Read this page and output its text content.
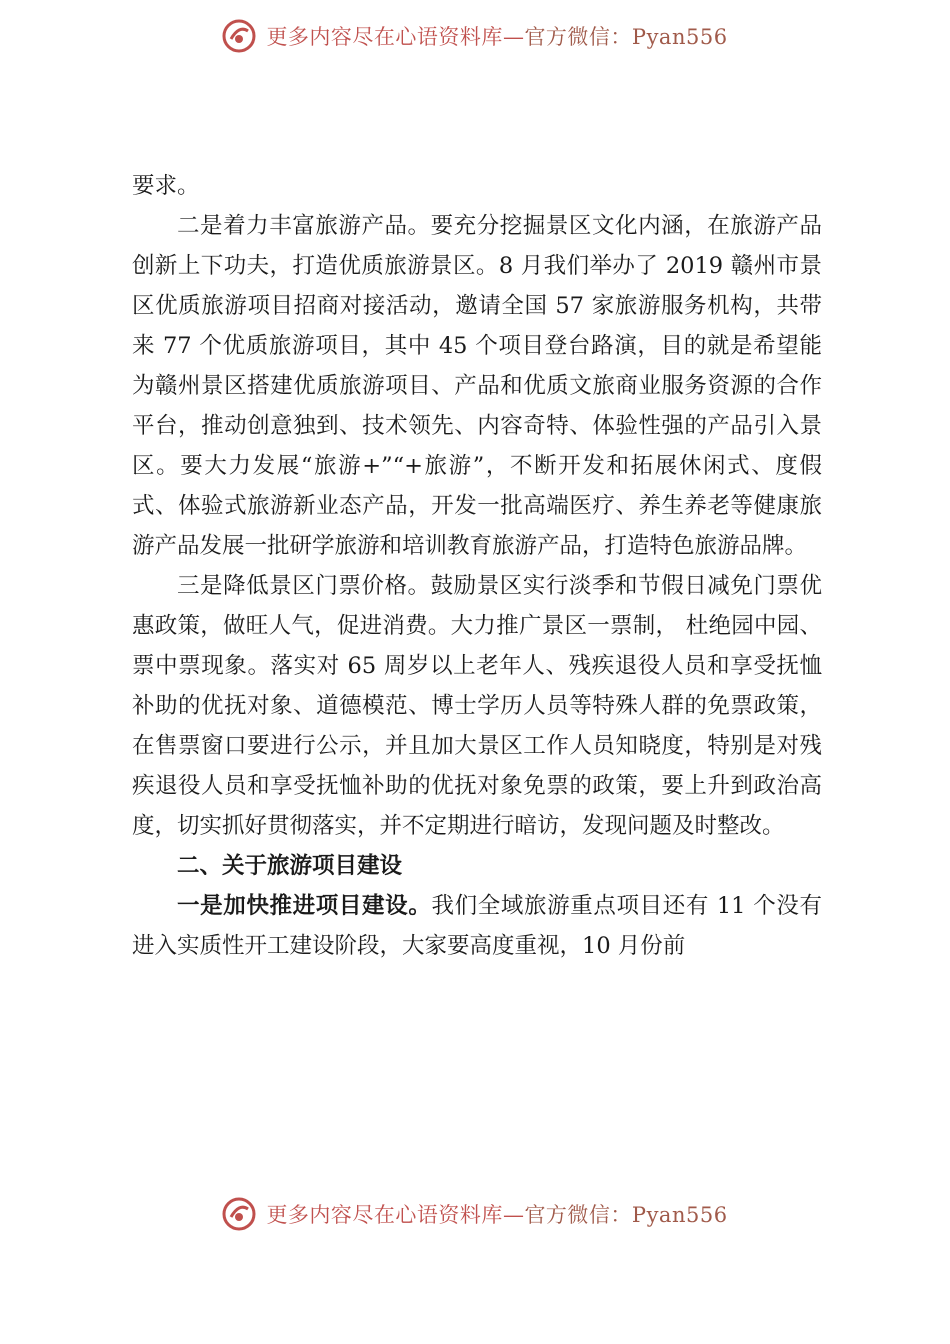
更多内容尽在心语资料库—官方微信：Pyan556

要求。

二是着力丰富旅游产品。要充分挖掘景区文化内涵，在旅游产品创新上下功夫，打造优质旅游景区。8 月我们举办了 2019 赣州市景区优质旅游项目招商对接活动，邀请全国 57 家旅游服务机构，共带来 77 个优质旅游项目，其中 45 个项目登台路演，目的就是希望能为赣州景区搭建优质旅游项目、产品和优质文旅商业服务资源的合作平台，推动创意独到、技术领先、内容奇特、体验性强的产品引入景区。要大力发展“旅游+”“+旅游”，不断开发和拓展休闲式、度假式、体验式旅游新业态产品，开发一批高端医疗、养生养老等健康旅游产品发展一批研学旅游和培训教育旅游产品，打造特色旅游品牌。

三是降低景区门票价格。鼓励景区实行淡季和节假日减免门票优惠政策，做旺人气，促进消费。大力推广景区一票制， 杜绝园中园、票中票现象。落实对 65 周岁以上老年人、残疾退役人员和享受抚恤补助的优抚对象、道德模范、博士学历人员等特殊人群的免票政策，在售票窗口要进行公示，并且加大景区工作人员知晓度，特别是对残疾退役人员和享受抚恤补助的优抚对象免票的政策，要上升到政治高度，切实抓好贯彻落实，并不定期进行暗访，发现问题及时整改。

二、关于旅游项目建设

一是加快推进项目建设。我们全域旅游重点项目还有 11 个没有进入实质性开工建设阶段，大家要高度重视，10 月份前

更多内容尽在心语资料库—官方微信：Pyan556
